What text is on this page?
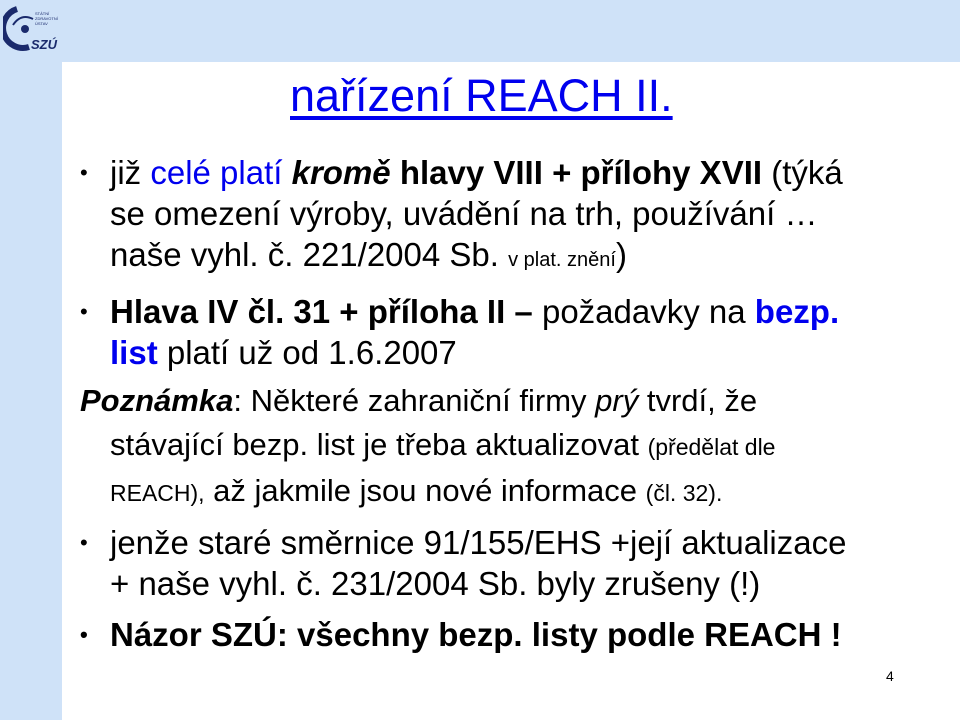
STÁTNÍ
ZDRAVOTNÍ
ÚSTAV
SZÚ
nařízení REACH II.
• již celé platí kromě hlavy VIII + přílohy XVII (týká
se omezení výroby, uvádění na trh, používání …
naše vyhl. č. 221/2004 Sb. v plat. znění)
• Hlava IV čl. 31 + příloha II – požadavky na bezp.
list platí už od 1.6.2007
Poznámka: Některé zahraniční firmy prý tvrdí, že
stávající bezp. list je třeba aktualizovat (předělat dle
REACH), až jakmile jsou nové informace (čl. 32).
• jenže staré směrnice 91/155/EHS +její aktualizace
+ naše vyhl. č. 231/2004 Sb. byly zrušeny (!)
• Názor SZÚ: všechny bezp. listy podle REACH !
4
